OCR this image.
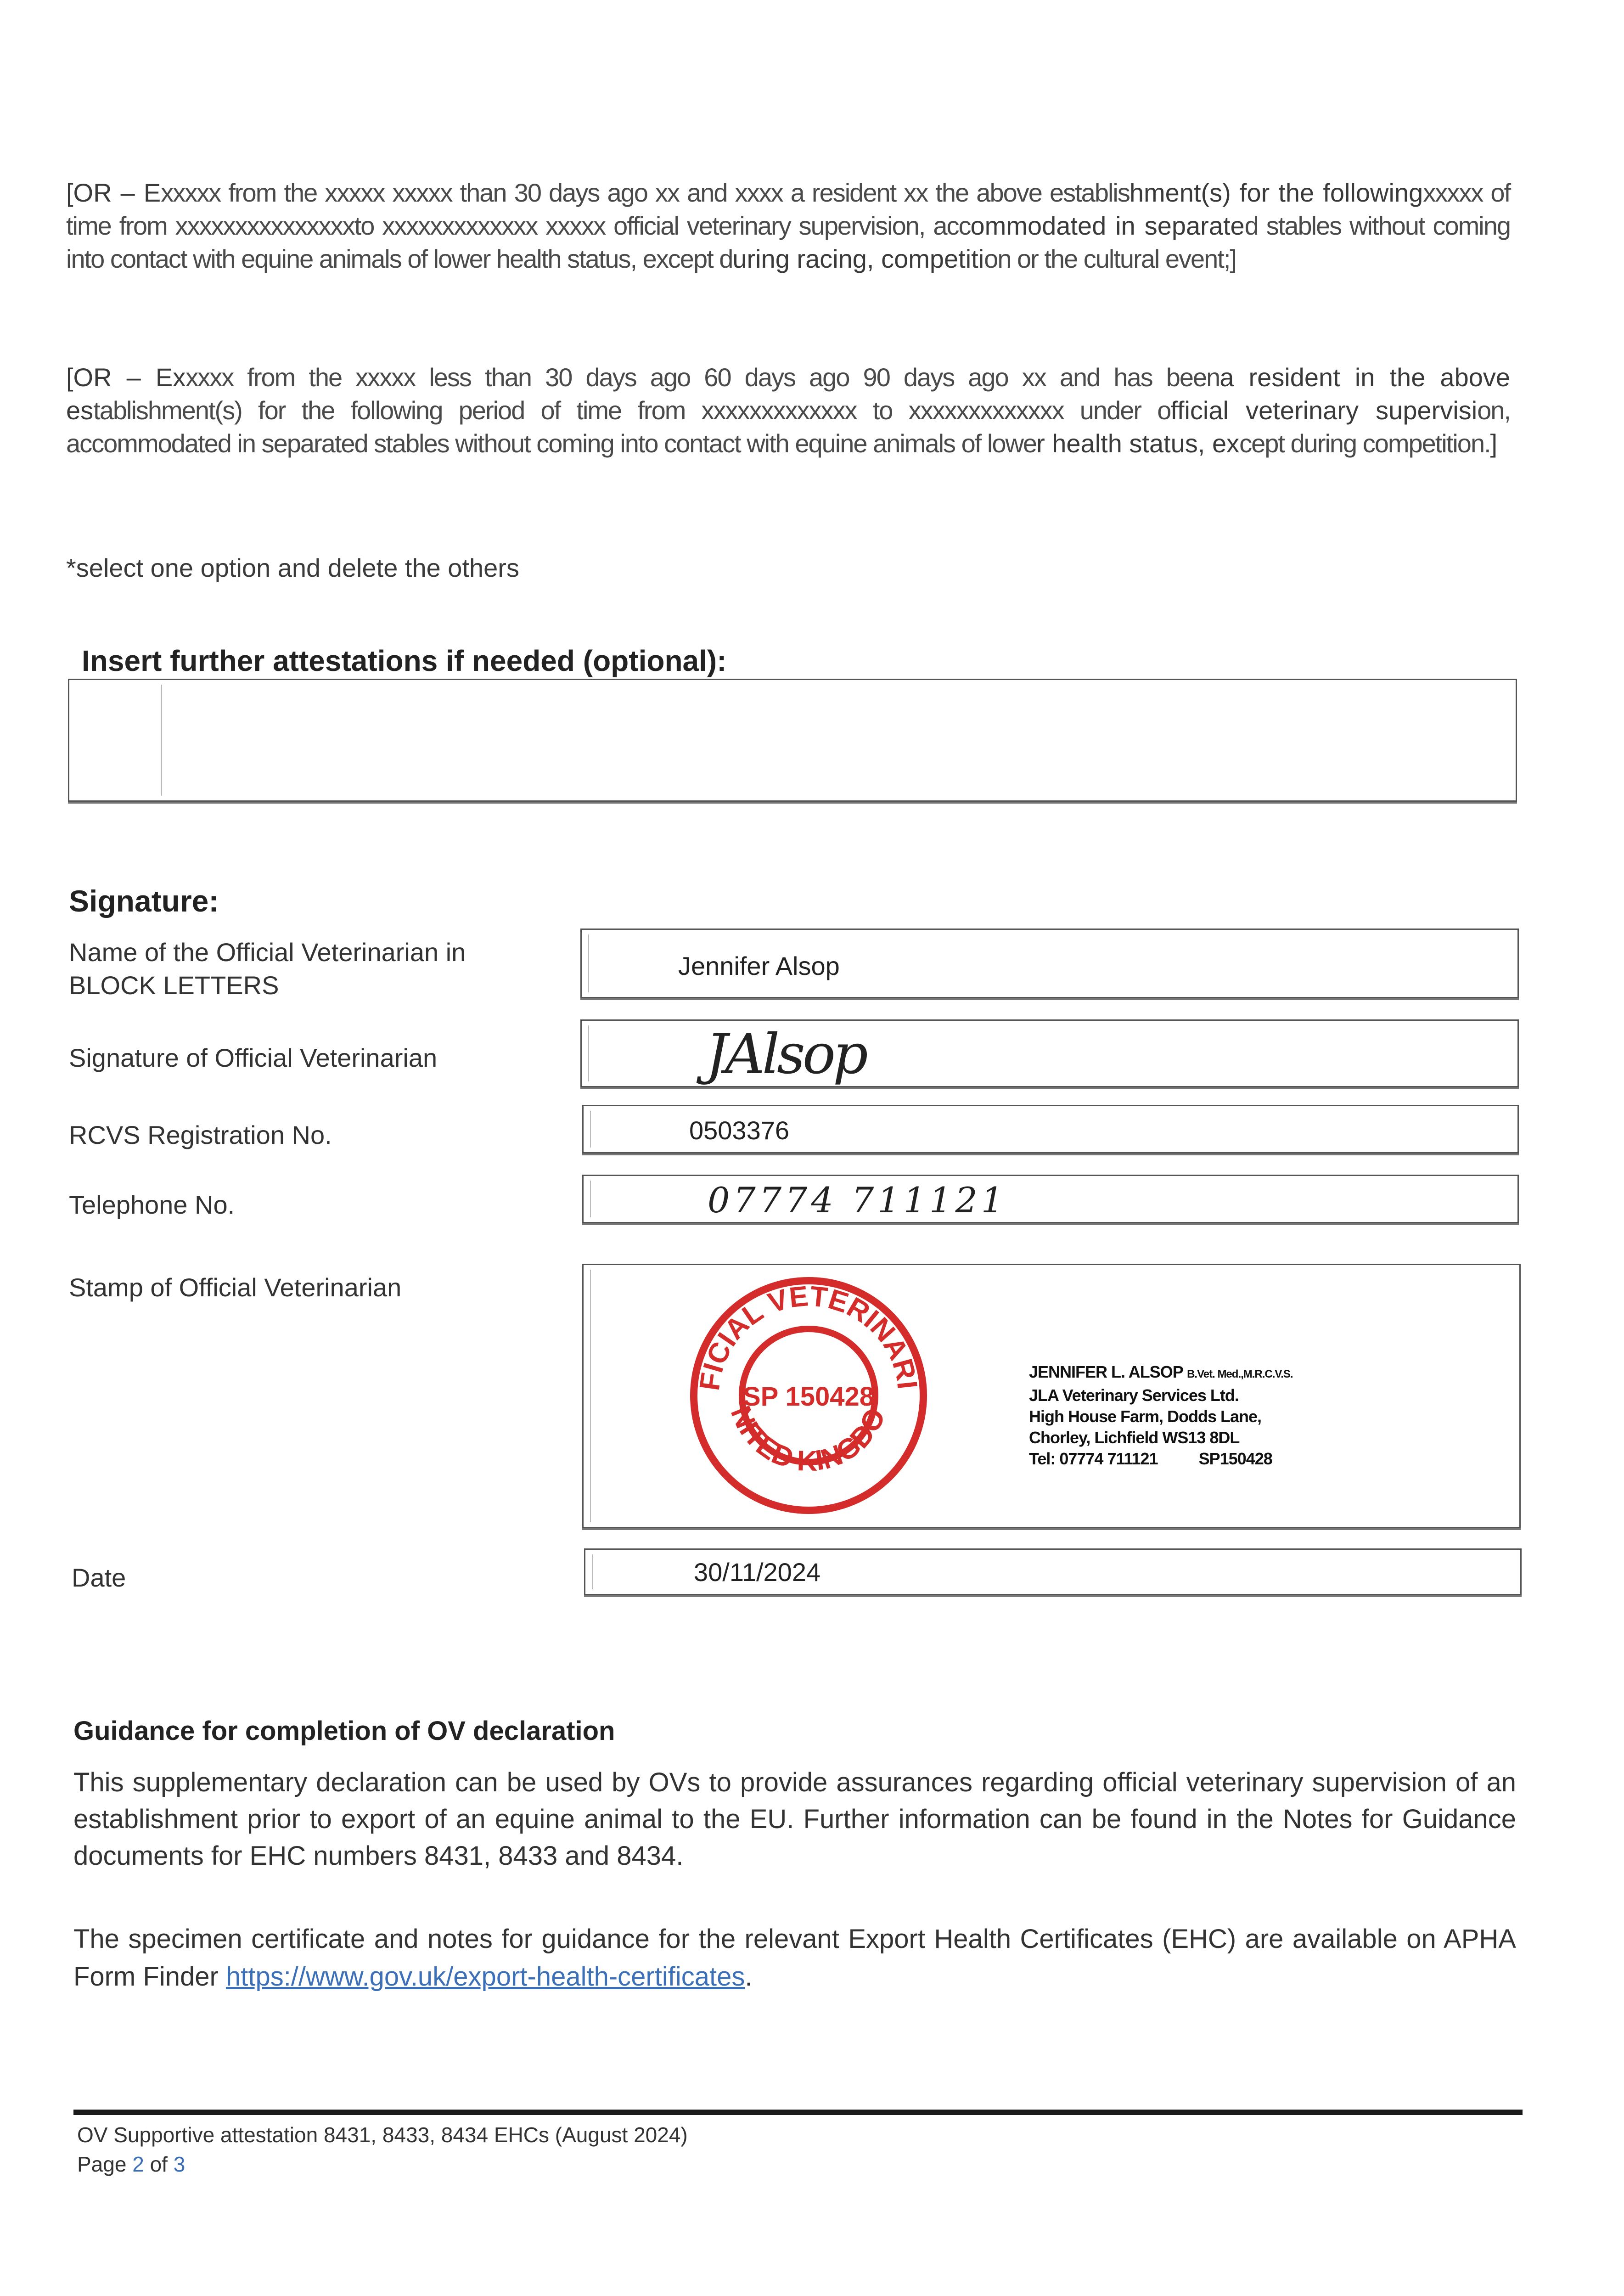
[OR – Exxxxx from the xxxxx xxxxx than 30 days ago xx and xxxx a resident xx the above establishment(s) for the followingxxxxx of time from xxxxxxxxxxxxxxxto xxxxxxxxxxxxx xxxxx official veterinary supervision, accommodated in separated stables without coming into contact with equine animals of lower health status, except during racing, competition or the cultural event;]
[OR – Exxxxx from the xxxxx less than 30 days ago 60 days ago 90 days ago xx and has beena resident in the above establishment(s) for the following period of time from xxxxxxxxxxxxx to xxxxxxxxxxxxx under official veterinary supervision, accommodated in separated stables without coming into contact with equine animals of lower health status, except during competition.]
*select one option and delete the others
Insert further attestations if needed (optional):
Signature:
Name of the Official Veterinarian in
BLOCK LETTERS
Jennifer Alsop
Signature of Official Veterinarian	JAlsop
RCVS Registration No.	0503376
Telephone No.	07774 711121
Stamp of Official Veterinarian
FICIAL VETERINARI
NITED KINGDO
SP 150428
JENNIFER L. ALSOP B.Vet. Med.,M.R.C.V.S.
JLA Veterinary Services Ltd.
High House Farm, Dodds Lane,
Chorley, Lichfield WS13 8DL
Tel: 07774 711121 SP150428
Date	30/11/2024
Guidance for completion of OV declaration
This supplementary declaration can be used by OVs to provide assurances regarding official veterinary supervision of an establishment prior to export of an equine animal to the EU. Further information can be found in the Notes for Guidance documents for EHC numbers 8431, 8433 and 8434.
The specimen certificate and notes for guidance for the relevant Export Health Certificates (EHC) are available on APHA Form Finder https://www.gov.uk/export-health-certificates.
OV Supportive attestation 8431, 8433, 8434 EHCs (August 2024)
Page 2 of 3
